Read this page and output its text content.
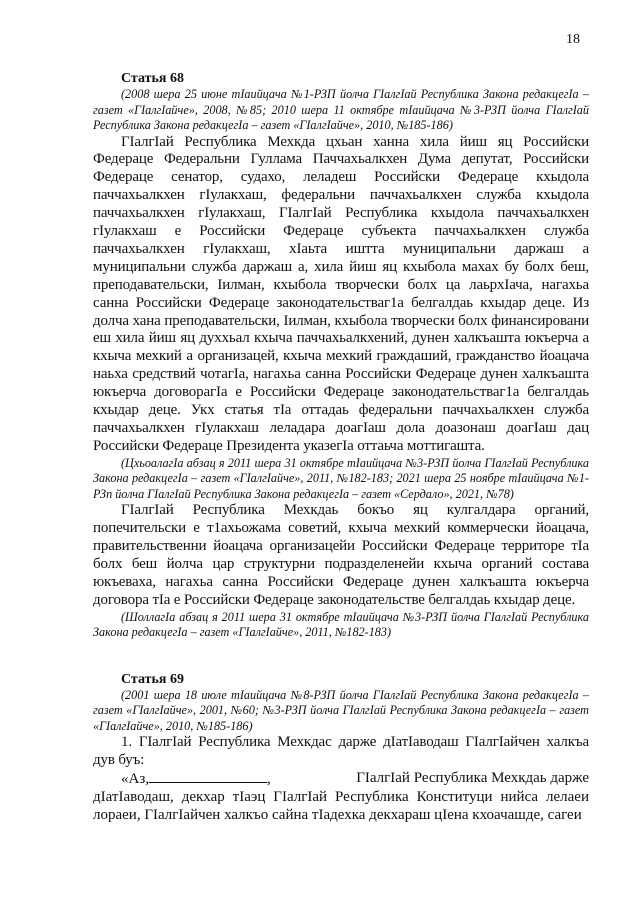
18
Статья 68

(2008 шера 25 июне тӀаийцача №1-РЗП йолча ГӀалгӀай Республика Закона редакцегӀа – газет «ГӀалгӀайче», 2008, №85; 2010 шера 11 октябре тӀаийцача №3-РЗП йолча ГӀалгӀай Республика Закона редакцегӀа – газет «ГӀалгӀайче», 2010, №185-186)

ГӀалгӀай Республика Мехкда цхьан ханна хила йиш яц Российски Федераце Федеральни Гуллама Паччахьалкхен Дума депутат, Российски Федераце сенатор, судахо, леладеш Российски Федераце кхыдола паччахьалкхен гӀулакхаш, федеральни паччахьалкхен служба кхыдола паччахьалкхен гӀулакхаш, ГӀалгӀай Республика кхыдола паччахьалкхен гӀулакхаш е Российски Федераце субъекта паччахьалкхен служба паччахьалкхен гӀулакхаш, хӀаьта иштта муниципальни даржаш а муниципальни служба даржаш а, хила йиш яц кхыбола махах бу болх беш, преподавательски, Ӏилман, кхыбола творчески болх ца лаьрхӀача, нагахьа санна Российски Федераце законодательстваг1а белгалдаь кхыдар деце. Из долча хана преподавательски, Ӏилман, кхыбола творчески болх финансировани еш хила йиш яц духхьал кхыча паччахьалкхений, дунен халкъашта юкъерча а кхыча мехкий а организацей, кхыча мехкий граждаший, гражданство йоацача наьха средствий чотагӀа, нагахьа санна Российски Федераце дунен халкъашта юкъерча договорагӀа е Российски Федераце законодательстваг1а белгалдаь кхыдар деце. Укх статья тӀа оттадаь федеральни паччахьалкхен служба паччахьалкхен гӀулакхаш леладара доагӀаш дола доазонаш доагӀаш дац Российски Федераце Президента указегӀа оттаьча моттигашта.

(ЦхьоалагӀа абзац я 2011 шера 31 октябре тӀаийцача №3-РЗП йолча ГӀалгӀай Республика Закона редакцегӀа – газет «ГӀалгӀайче», 2011, №182-183; 2021 шера 25 ноябре тӀаийцача №1-РЗп йолча ГӀалгӀай Республика Закона редакцегӀа – газет «Сердало», 2021, №78)

ГӀалгӀай Республика Мехкдаь бокъо яц кулгалдара органий, попечительски е т1ахьожама советий, кхыча мехкий коммерчески йоацача, правительственни йоацача организацейи Российски Федераце территоре тӀа болх беш йолча цар структурни подразделенейи кхыча органий состава юкъеваха, нагахьа санна Российски Федераце дунен халкъашта юкъерча договора тӀа е Российски Федераце законодательстве белгалдаь кхыдар деце.

(ШоллагӀа абзац я 2011 шера 31 октябре тӀаийцача №3-РЗП йолча ГӀалгӀай Республика Закона редакцегӀа – газет «ГӀалгӀайче», 2011, №182-183)

Статья 69

(2001 шера 18 июле тӀаийцача №8-РЗП йолча ГӀалгӀай Республика Закона редакцегӀа – газет «ГӀалгӀайче», 2001, №60; №3-РЗП йолча ГӀалгӀай Республика Закона редакцегӀа – газет «ГӀалгӀайче», 2010, №185-186)

1. ГӀалгӀай Республика Мехкдас дарже дӀатӀаводаш ГӀалгӀайчен халкъа дув буъ:

«Аз,	,	ГӀалгӀай Республика Мехкдаь дарже

дӀатӀаводаш, декхар тӀаэц ГӀалгӀай Республика Конституци нийса лелаеи лораеи, ГӀалгӀайчен халкъо сайна тӀадехка декхараш цӀена кхоачашде, сагеи
